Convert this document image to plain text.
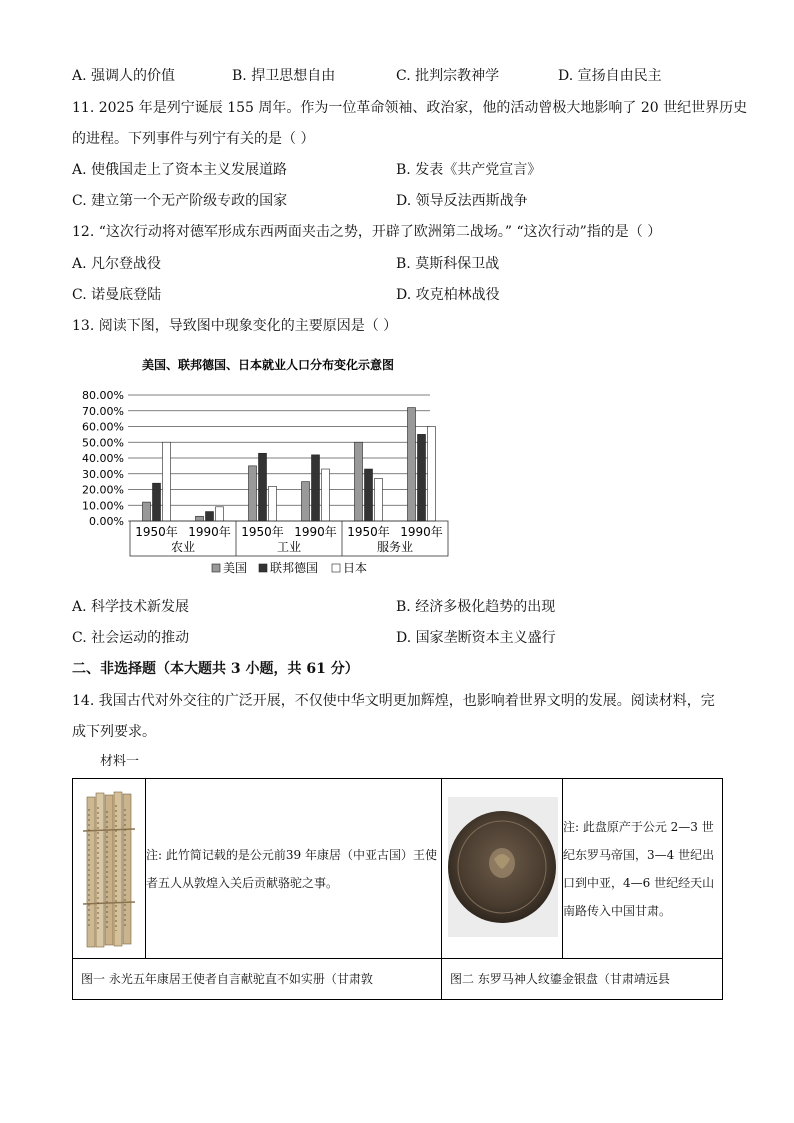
A. 强调人的价值	B. 捍卫思想自由	C. 批判宗教神学	D. 宣扬自由民主
11. 2025 年是列宁诞辰 155 周年。作为一位革命领袖、政治家，他的活动曾极大地影响了 20 世纪世界历史
的进程。下列事件与列宁有关的是（ ）
A. 使俄国走上了资本主义发展道路	B. 发表《共产党宣言》
C. 建立第一个无产阶级专政的国家	D. 领导反法西斯战争
12. “这次行动将对德军形成东西两面夹击之势，开辟了欧洲第二战场。” “这次行动”指的是（ ）
A. 凡尔登战役	B. 莫斯科保卫战
C. 诺曼底登陆	D. 攻克柏林战役
13. 阅读下图，导致图中现象变化的主要原因是（ ）
美国、联邦德国、日本就业人口分布变化示意图
0.00%
10.00%
20.00%
30.00%
40.00%
50.00%
60.00%
70.00%
80.00%
1950年 1990年 1950年 1990年 1950年 1990年
农业	工业	服务业
美国 联邦德国 日本
A. 科学技术新发展	B. 经济多极化趋势的出现
C. 社会运动的推动	D. 国家垄断资本主义盛行
二、非选择题（本大题共 3 小题，共 61 分）
14. 我国古代对外交往的广泛开展，不仅使中华文明更加辉煌，也影响着世界文明的发展。阅读材料，完
成下列要求。
材料一
	注: 此竹简记载的是公元前39 年康居（中亚古国）王使者五人从敦煌入关后贡献骆驼之事。		注: 此盘原产于公元 2—3 世纪东罗马帝国，3—4 世纪出口到中亚，4—6 世纪经天山南路传入中国甘肃。

图一 永光五年康居王使者自言献驼直不如实册（甘肃敦		图二 东罗马神人纹鎏金银盘（甘肃靖远县	
